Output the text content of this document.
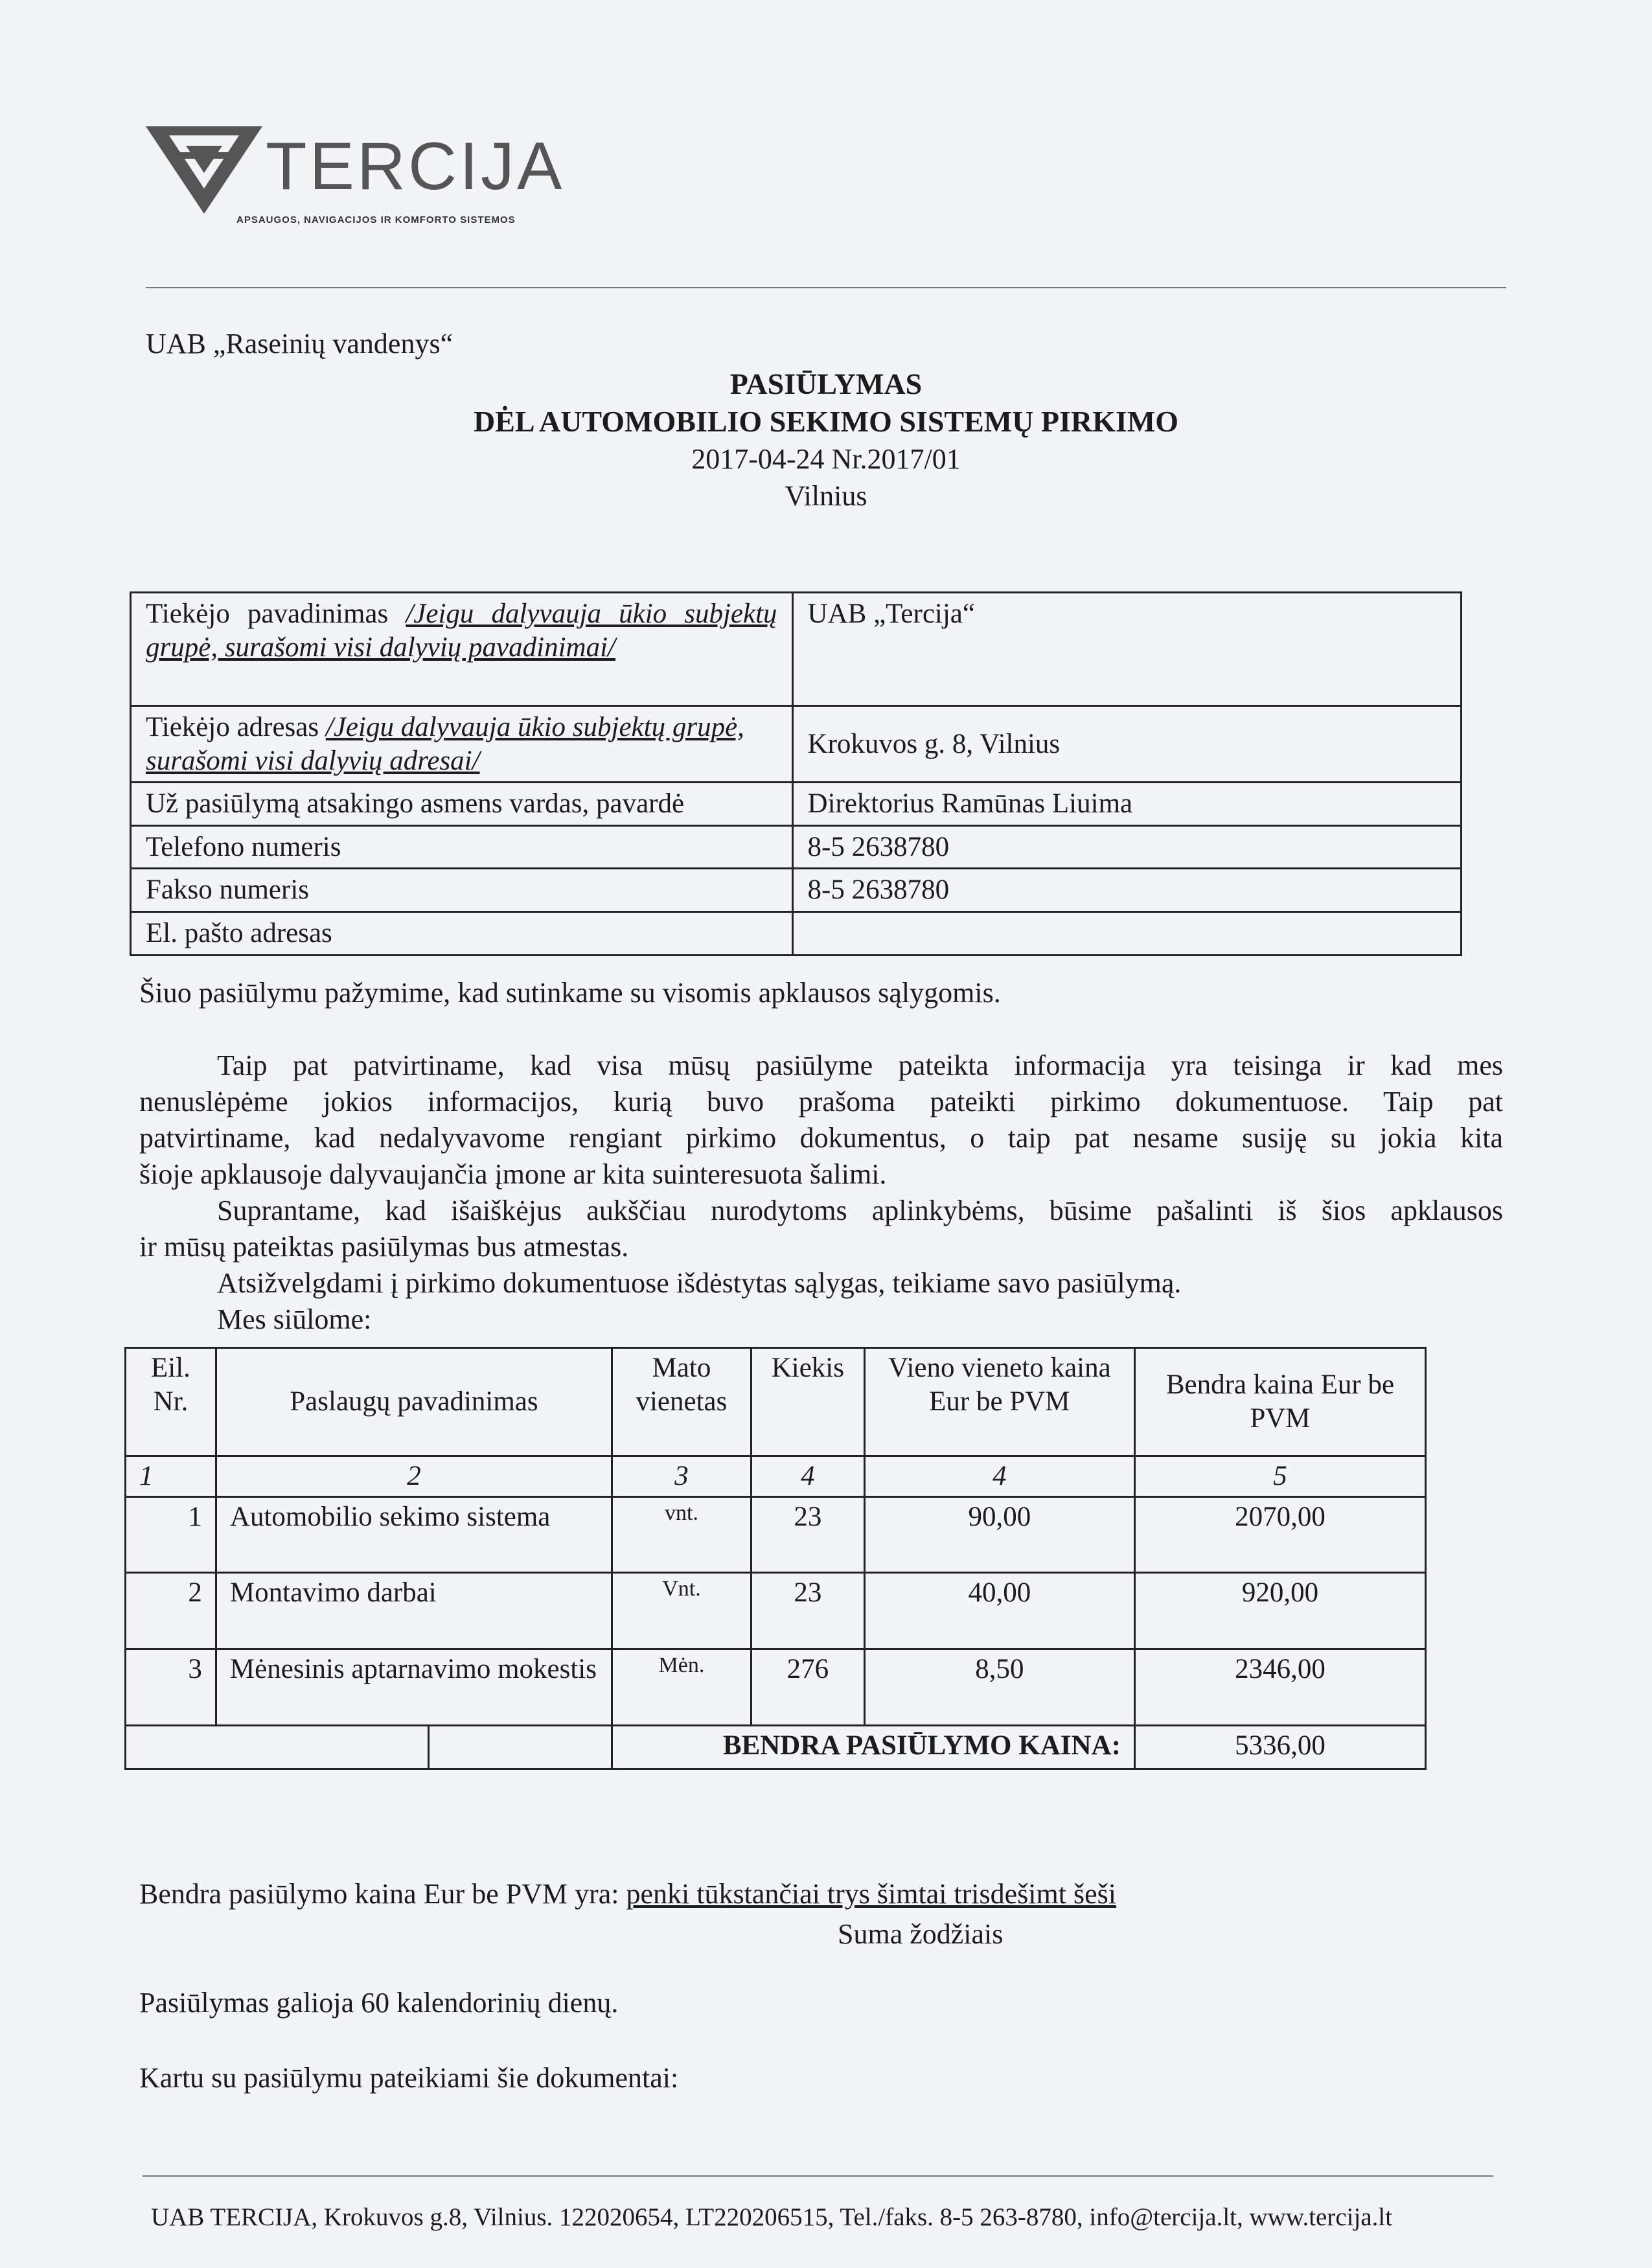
TERCIJA
APSAUGOS, NAVIGACIJOS IR KOMFORTO SISTEMOS
UAB „Raseinių vandenys“
PASIŪLYMAS
DĖL AUTOMOBILIO SEKIMO SISTEMŲ PIRKIMO
2017-04-24 Nr.2017/01
Vilnius
Tiekėjo pavadinimas /Jeigu dalyvauja ūkio subjektų grupė, surašomi visi dalyvių pavadinimai/	UAB „Tercija“
Tiekėjo adresas /Jeigu dalyvauja ūkio subjektų grupė, surašomi visi dalyvių adresai/	Krokuvos g. 8, Vilnius
Už pasiūlymą atsakingo asmens vardas, pavardė	Direktorius Ramūnas Liuima
Telefono numeris	8-5 2638780
Fakso numeris	8-5 2638780
El. pašto adresas	
Šiuo pasiūlymu pažymime, kad sutinkame su visomis apklausos sąlygomis.
Taip pat patvirtiname, kad visa mūsų pasiūlyme pateikta informacija yra teisinga ir kad mes
nenuslėpėme jokios informacijos, kurią buvo prašoma pateikti pirkimo dokumentuose. Taip pat
patvirtiname, kad nedalyvavome rengiant pirkimo dokumentus, o taip pat nesame susiję su jokia kita
šioje apklausoje dalyvaujančia įmone ar kita suinteresuota šalimi.
Suprantame, kad išaiškėjus aukščiau nurodytoms aplinkybėms, būsime pašalinti iš šios apklausos
ir mūsų pateiktas pasiūlymas bus atmestas.
Atsižvelgdami į pirkimo dokumentuose išdėstytas sąlygas, teikiame savo pasiūlymą.
Mes siūlome:
Eil. Nr.	Paslaugų pavadinimas	Mato vienetas	Kiekis	Vieno vieneto kaina Eur be PVM	Bendra kaina Eur be PVM
1	2	3	4	4	5
1	Automobilio sekimo sistema	vnt.	23	90,00	2070,00
2	Montavimo darbai	Vnt.	23	40,00	920,00
3	Mėnesinis aptarnavimo mokestis	Mėn.	276	8,50	2346,00

		BENDRA PASIŪLYMO KAINA:			5336,00
Bendra pasiūlymo kaina Eur be PVM yra: penki tūkstančiai trys šimtai trisdešimt šeši
Suma žodžiais
Pasiūlymas galioja 60 kalendorinių dienų.
Kartu su pasiūlymu pateikiami šie dokumentai:
UAB TERCIJA, Krokuvos g.8, Vilnius. 122020654, LT220206515, Tel./faks. 8-5 263-8780, info@tercija.lt, www.tercija.lt
